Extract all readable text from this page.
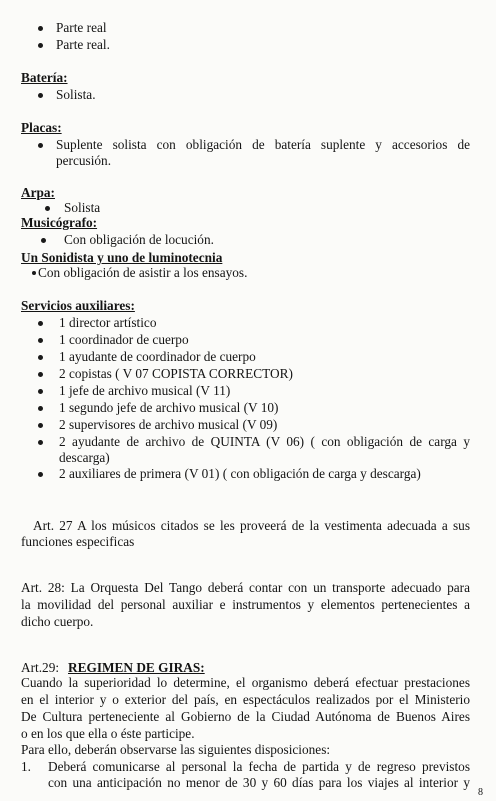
Parte real
Parte real.
Batería:
Solista.
Placas:
Suplente solista con obligación de batería suplente y accesorios de
percusión.
Arpa:
Solista
Musicógrafo:
Con obligación de locución.
Un Sonidista y uno de luminotecnia
Con obligación de asistir a los ensayos.
Servicios auxiliares:
1 director artístico
1 coordinador de cuerpo
1 ayudante de coordinador de cuerpo
2 copistas ( V 07 COPISTA CORRECTOR)
1 jefe de archivo musical (V 11)
1 segundo jefe de archivo musical (V 10)
2 supervisores de archivo musical (V 09)
2 ayudante de archivo de QUINTA (V 06) ( con obligación de carga y
descarga)
2 auxiliares de primera (V 01) ( con obligación de carga y descarga)
Art. 27 A los músicos citados se les proveerá de la vestimenta adecuada a sus
funciones especificas
Art. 28: La Orquesta Del Tango deberá contar con un transporte adecuado para
la movilidad del personal auxiliar e instrumentos y elementos pertenecientes a
dicho cuerpo.
Art.29: REGIMEN DE GIRAS:
Cuando la superioridad lo determine, el organismo deberá efectuar prestaciones
en el interior y o exterior del país, en espectáculos realizados por el Ministerio
De Cultura perteneciente al Gobierno de la Ciudad Autónoma de Buenos Aires
o en los que ella o éste participe.
Para ello, deberán observarse las siguientes disposiciones:
1. Deberá comunicarse al personal la fecha de partida y de regreso previstos
con una anticipación no menor de 30 y 60 días para los viajes al interior y
8
